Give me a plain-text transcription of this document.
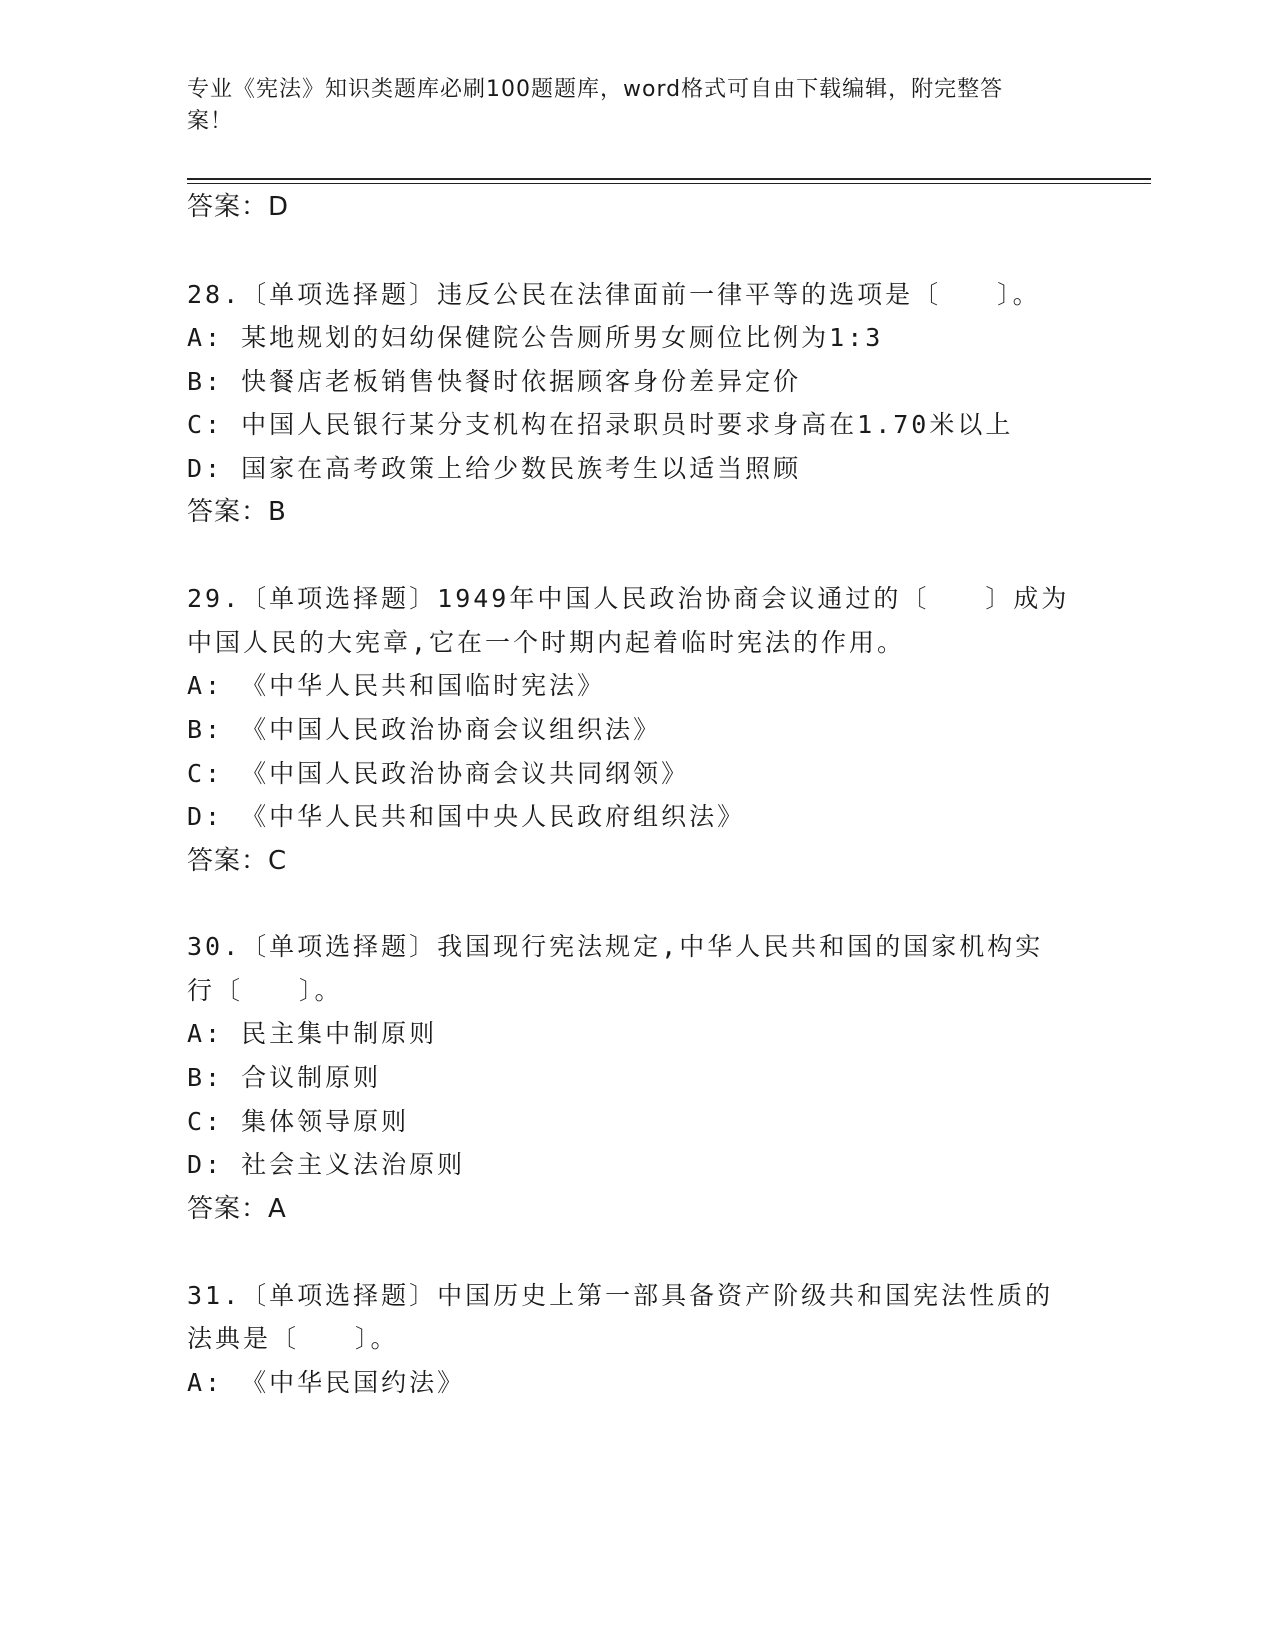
专业《宪法》知识类题库必刷100题题库，word格式可自由下载编辑，附完整答
案！
答案：D
28.〔单项选择题〕违反公民在法律面前一律平等的选项是〔　　〕。
A: 某地规划的妇幼保健院公告厕所男女厕位比例为1:3
B: 快餐店老板销售快餐时依据顾客身份差异定价
C: 中国人民银行某分支机构在招录职员时要求身高在1.70米以上
D: 国家在高考政策上给少数民族考生以适当照顾
答案：B
29.〔单项选择题〕1949年中国人民政治协商会议通过的〔　　〕成为
中国人民的大宪章,它在一个时期内起着临时宪法的作用。
A: 《中华人民共和国临时宪法》
B: 《中国人民政治协商会议组织法》
C: 《中国人民政治协商会议共同纲领》
D: 《中华人民共和国中央人民政府组织法》
答案：C
30.〔单项选择题〕我国现行宪法规定,中华人民共和国的国家机构实
行〔　　〕。
A: 民主集中制原则
B: 合议制原则
C: 集体领导原则
D: 社会主义法治原则
答案：A
31.〔单项选择题〕中国历史上第一部具备资产阶级共和国宪法性质的
法典是〔　　〕。
A: 《中华民国约法》
